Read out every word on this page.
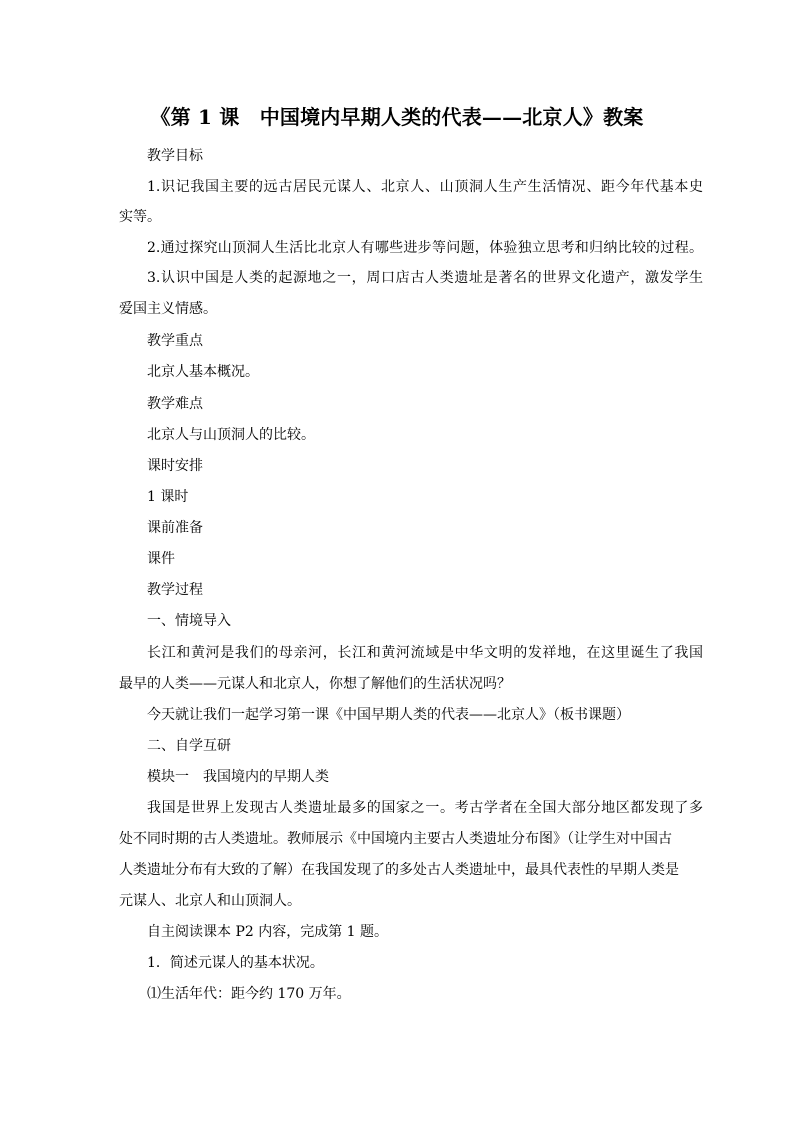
《第 1 课　中国境内早期人类的代表——北京人》教案
教学目标
1.识记我国主要的远古居民元谋人、北京人、山顶洞人生产生活情况、距今年代基本史
实等。
2.通过探究山顶洞人生活比北京人有哪些进步等问题，体验独立思考和归纳比较的过程。
3.认识中国是人类的起源地之一，周口店古人类遗址是著名的世界文化遗产，激发学生
爱国主义情感。
教学重点
北京人基本概况。
教学难点
北京人与山顶洞人的比较。
课时安排
1 课时
课前准备
课件
教学过程
一、情境导入
长江和黄河是我们的母亲河，长江和黄河流域是中华文明的发祥地，在这里诞生了我国
最早的人类——元谋人和北京人，你想了解他们的生活状况吗？
今天就让我们一起学习第一课《中国早期人类的代表——北京人》（板书课题）
二、自学互研
模块一　我国境内的早期人类
我国是世界上发现古人类遗址最多的国家之一。考古学者在全国大部分地区都发现了多
处不同时期的古人类遗址。教师展示《中国境内主要古人类遗址分布图》（让学生对中国古
人类遗址分布有大致的了解）在我国发现了的多处古人类遗址中，最具代表性的早期人类是
元谋人、北京人和山顶洞人。
自主阅读课本 P2 内容，完成第 1 题。
1．简述元谋人的基本状况。
⑴生活年代：距今约 170 万年。
